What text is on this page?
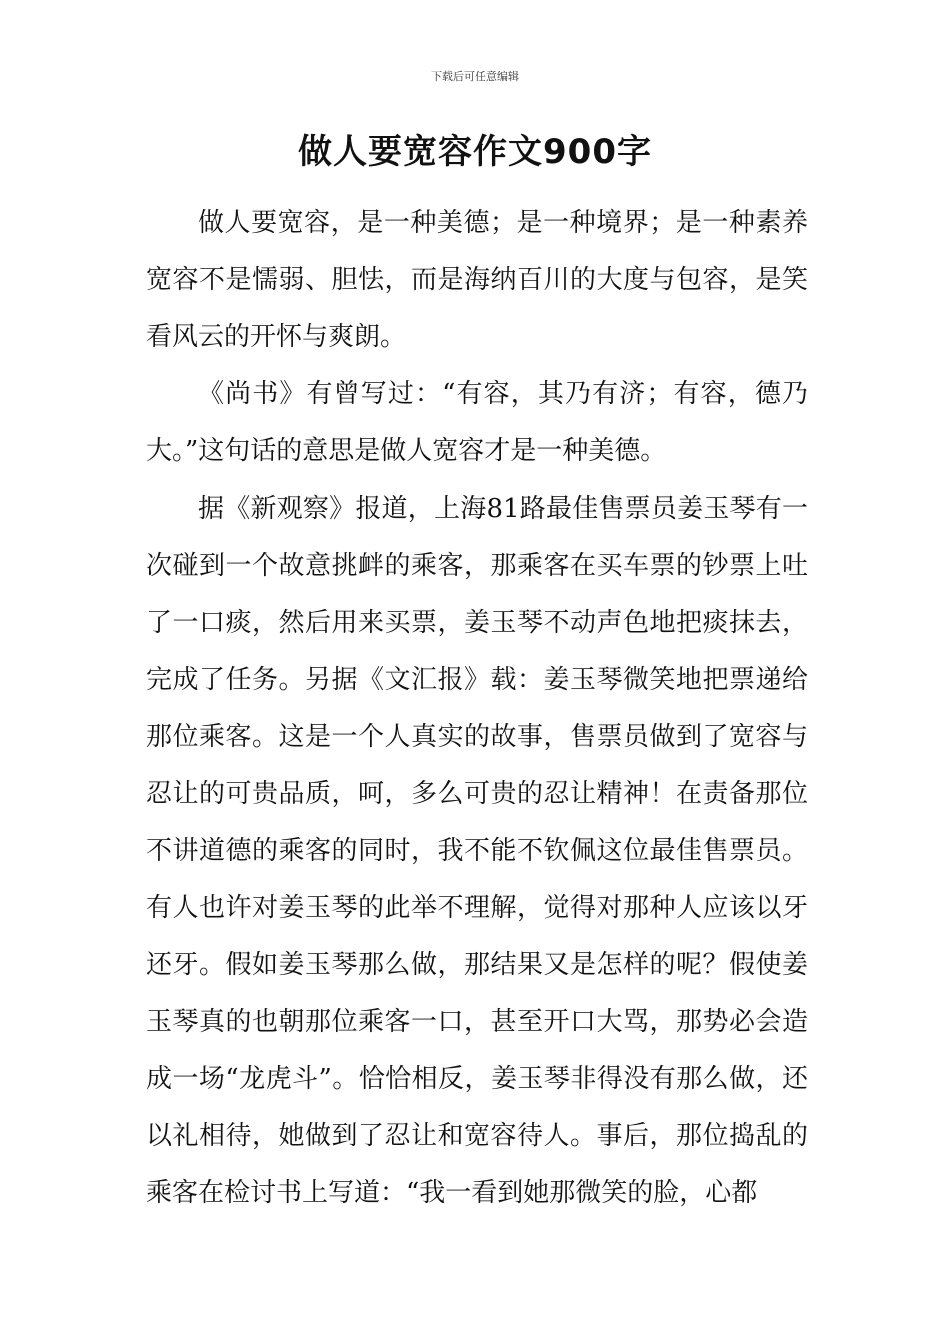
下载后可任意编辑
做人要宽容作文900字

做人要宽容，是一种美德；是一种境界；是一种素养宽容不是懦弱、胆怯，而是海纳百川的大度与包容，是笑看风云的开怀与爽朗。

《尚书》有曾写过：“有容，其乃有济；有容，德乃大。”这句话的意思是做人宽容才是一种美德。

据《新观察》报道，上海81路最佳售票员姜玉琴有一次碰到一个故意挑衅的乘客，那乘客在买车票的钞票上吐了一口痰，然后用来买票，姜玉琴不动声色地把痰抹去，完成了任务。另据《文汇报》载：姜玉琴微笑地把票递给那位乘客。这是一个人真实的故事，售票员做到了宽容与忍让的可贵品质，呵，多么可贵的忍让精神！在责备那位不讲道德的乘客的同时，我不能不钦佩这位最佳售票员。有人也许对姜玉琴的此举不理解，觉得对那种人应该以牙还牙。假如姜玉琴那么做，那结果又是怎样的呢？假使姜玉琴真的也朝那位乘客一口，甚至开口大骂，那势必会造成一场“龙虎斗”。恰恰相反，姜玉琴非得没有那么做，还以礼相待，她做到了忍让和宽容待人。事后，那位捣乱的乘客在检讨书上写道：“我一看到她那微笑的脸，心都
